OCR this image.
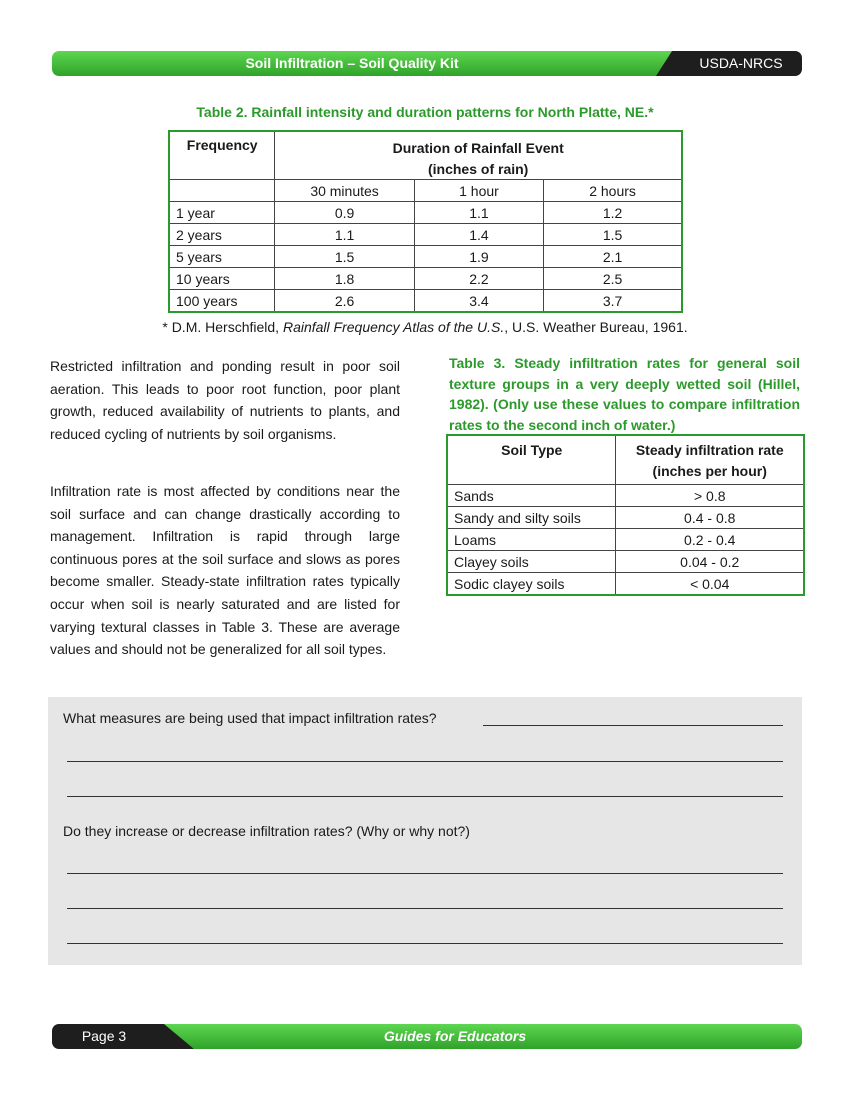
Soil Infiltration – Soil Quality Kit	USDA-NRCS
Table 2. Rainfall intensity and duration patterns for North Platte, NE.*
Frequency	Duration of Rainfall Event		
	(inches of rain)		
	30 minutes	1 hour	2 hours
1 year	0.9	1.1	1.2
2 years	1.1	1.4	1.5
5 years	1.5	1.9	2.1
10 years	1.8	2.2	2.5
100 years	2.6	3.4	3.7
* D.M. Herschfield, Rainfall Frequency Atlas of the U.S., U.S. Weather Bureau, 1961.

Restricted infiltration and ponding result in poor soil aeration. This leads to poor root function, poor plant growth, reduced availability of nutrients to plants, and reduced cycling of nutrients by soil organisms.

Infiltration rate is most affected by conditions near the soil surface and can change drastically according to management. Infiltration is rapid through large continuous pores at the soil surface and slows as pores become smaller. Steady-state infiltration rates typically occur when soil is nearly saturated and are listed for varying textural classes in Table 3. These are average values and should not be generalized for all soil types.

Table 3. Steady infiltration rates for general soil texture groups in a very deeply wetted soil (Hillel, 1982). (Only use these values to compare infiltration rates to the second inch of water.)

Soil Type	Steady infiltration rate
(inches per hour)
Sands	> 0.8
Sandy and silty soils	0.4 - 0.8
Loams	0.2 - 0.4
Clayey soils	0.04 - 0.2
Sodic clayey soils	< 0.04
What measures are being used that impact infiltration rates?
Do they increase or decrease infiltration rates? (Why or why not?)
Page 3	Guides for Educators
